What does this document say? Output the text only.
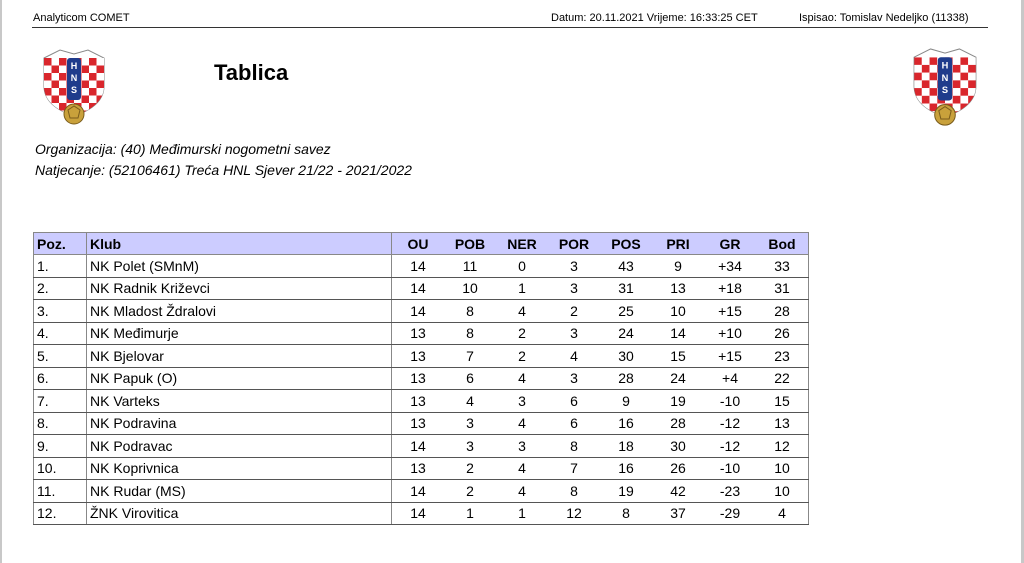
Analyticom COMET	Datum: 20.11.2021 Vrijeme: 16:33:25 CET	Ispisao: Tomislav Nedeljko (11338)
H
N
S
H
N
S
Tablica
Organizacija: (40) Međimurski nogometni savez
Natjecanje: (52106461) Treća HNL Sjever 21/22 - 2021/2022
Poz.	Klub	OU	POB	NER	POR	POS	PRI	GR	Bod
1.	NK Polet (SMnM)	14	11	0	3	43	9	+34	33
2.	NK Radnik Križevci	14	10	1	3	31	13	+18	31
3.	NK Mladost Ždralovi	14	8	4	2	25	10	+15	28
4.	NK Međimurje	13	8	2	3	24	14	+10	26
5.	NK Bjelovar	13	7	2	4	30	15	+15	23
6.	NK Papuk (O)	13	6	4	3	28	24	+4	22
7.	NK Varteks	13	4	3	6	9	19	-10	15
8.	NK Podravina	13	3	4	6	16	28	-12	13
9.	NK Podravac	14	3	3	8	18	30	-12	12
10.	NK Koprivnica	13	2	4	7	16	26	-10	10
11.	NK Rudar (MS)	14	2	4	8	19	42	-23	10
12.	ŽNK Virovitica	14	1	1	12	8	37	-29	4
